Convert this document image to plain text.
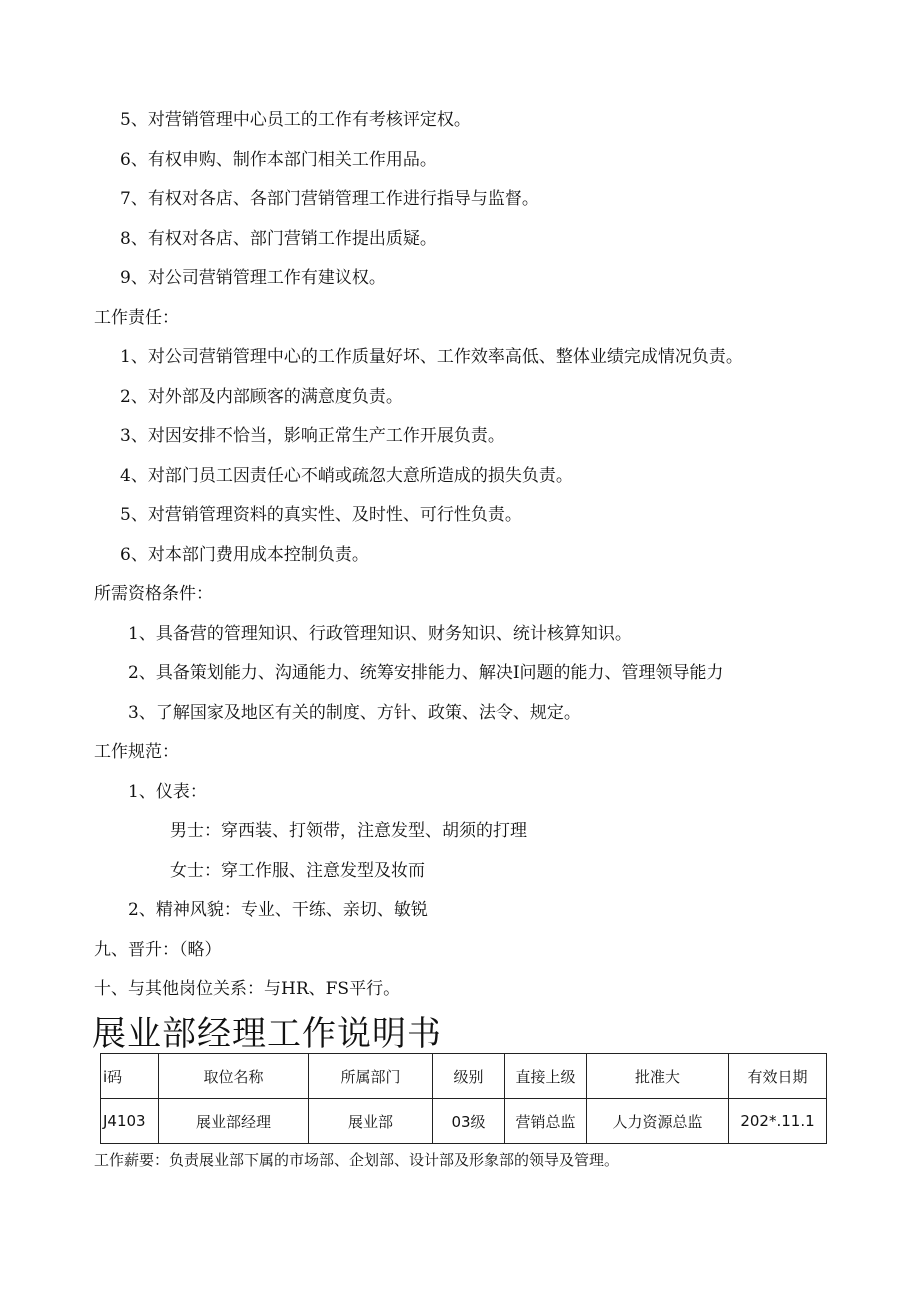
5、对营销管理中心员工的工作有考核评定权。
6、有权申购、制作本部门相关工作用品。
7、有权对各店、各部门营销管理工作进行指导与监督。
8、有权对各店、部门营销工作提出质疑。
9、对公司营销管理工作有建议权。
工作责任：
1、对公司营销管理中心的工作质量好坏、工作效率高低、整体业绩完成情况负责。
2、对外部及内部顾客的满意度负责。
3、对因安排不恰当，影响正常生产工作开展负责。
4、对部门员工因责任心不峭或疏忽大意所造成的损失负责。
5、对营销管理资料的真实性、及时性、可行性负责。
6、对本部门费用成本控制负责。
所需资格条件：
1、具备营的管理知识、行政管理知识、财务知识、统计核算知识。
2、具备策划能力、沟通能力、统筹安排能力、解决I问题的能力、管理领导能力
3、了解国家及地区有关的制度、方针、政策、法令、规定。
工作规范：
1、仪表：
男士：穿西装、打领带，注意发型、胡须的打理
女士：穿工作服、注意发型及妆而
2、精神风貌：专业、干练、亲切、敏锐
九、晋升：（略）
十、与其他岗位关系：与HR、FS平行。
展业部经理工作说明书
i码	取位名称	所属部门	级别	直接上级	批准大	有效日期
J4103	展业部经理	展业部	03级	营销总监	人力资源总监	202*.11.1
工作薪要：负责展业部下属的市场部、企划部、设计部及形象部的领导及管理。
